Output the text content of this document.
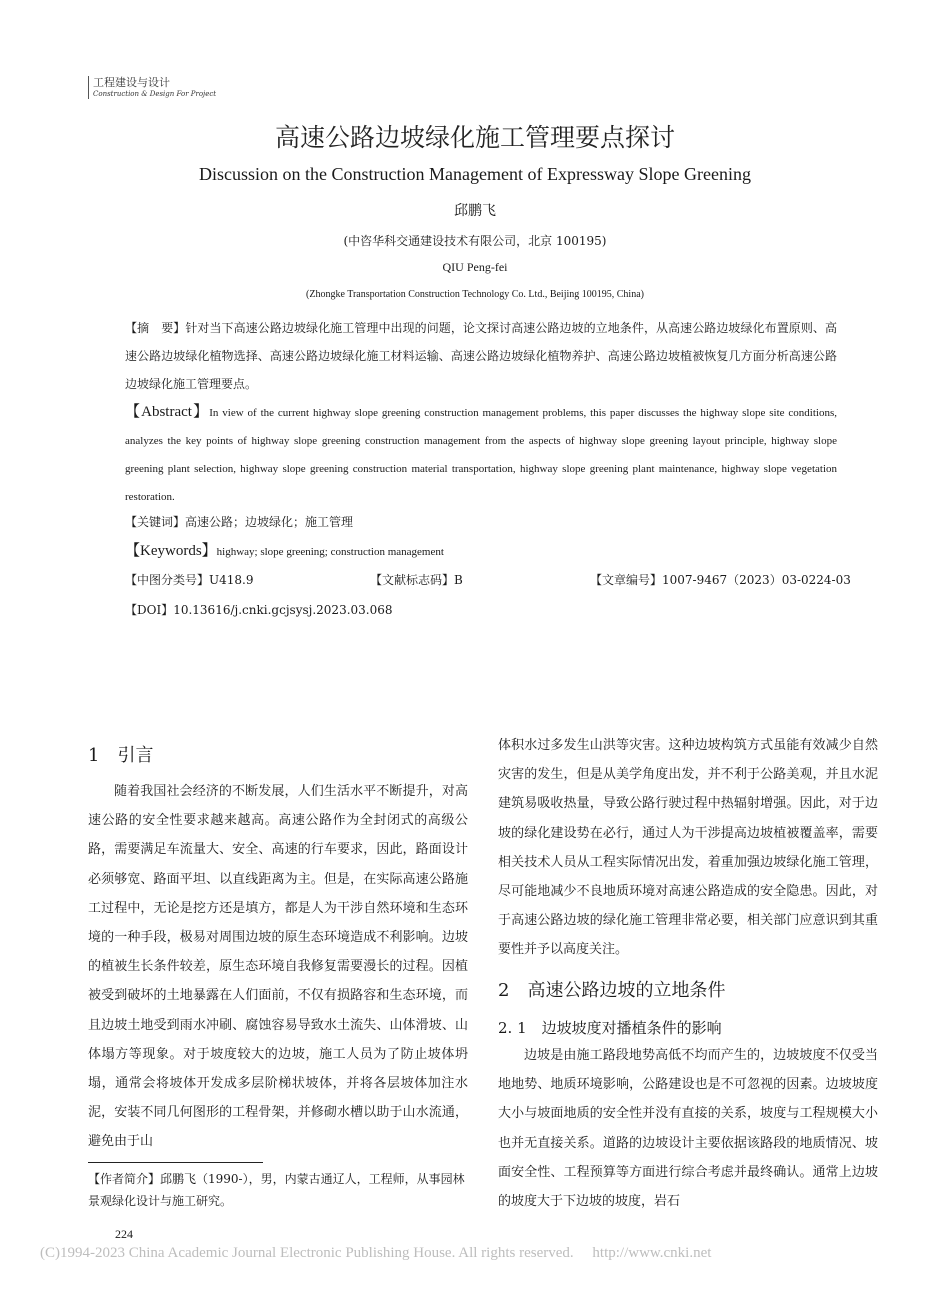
工程建设与设计
Construction & Design For Project
高速公路边坡绿化施工管理要点探讨
Discussion on the Construction Management of Expressway Slope Greening
邱鹏飞
(中咨华科交通建设技术有限公司，北京 100195)
QIU Peng-fei
(Zhongke Transportation Construction Technology Co. Ltd., Beijing 100195, China)
【摘　要】针对当下高速公路边坡绿化施工管理中出现的问题，论文探讨高速公路边坡的立地条件，从高速公路边坡绿化布置原则、高速公路边坡绿化植物选择、高速公路边坡绿化施工材料运输、高速公路边坡绿化植物养护、高速公路边坡植被恢复几方面分析高速公路边坡绿化施工管理要点。
【Abstract】In view of the current highway slope greening construction management problems, this paper discusses the highway slope site conditions, analyzes the key points of highway slope greening construction management from the aspects of highway slope greening layout principle, highway slope greening plant selection, highway slope greening construction material transportation, highway slope greening plant maintenance, highway slope vegetation restoration.
【关键词】高速公路；边坡绿化；施工管理
【Keywords】highway; slope greening; construction management
【中图分类号】U418.9	【文献标志码】B	【文章编号】1007-9467（2023）03-0224-03
【DOI】10.13616/j.cnki.gcjsysj.2023.03.068
1　引言

随着我国社会经济的不断发展，人们生活水平不断提升，对高速公路的安全性要求越来越高。高速公路作为全封闭式的高级公路，需要满足车流量大、安全、高速的行车要求，因此，路面设计必须够宽、路面平坦、以直线距离为主。但是，在实际高速公路施工过程中，无论是挖方还是填方，都是人为干涉自然环境和生态环境的一种手段，极易对周围边坡的原生态环境造成不利影响。边坡的植被生长条件较差，原生态环境自我修复需要漫长的过程。因植被受到破坏的土地暴露在人们面前，不仅有损路容和生态环境，而且边坡土地受到雨水冲刷、腐蚀容易导致水土流失、山体滑坡、山体塌方等现象。对于坡度较大的边坡，施工人员为了防止坡体坍塌，通常会将坡体开发成多层阶梯状坡体，并将各层坡体加注水泥，安装不同几何图形的工程骨架，并修砌水槽以助于山水流通，避免由于山

体积水过多发生山洪等灾害。这种边坡构筑方式虽能有效减少自然灾害的发生，但是从美学角度出发，并不利于公路美观，并且水泥建筑易吸收热量，导致公路行驶过程中热辐射增强。因此，对于边坡的绿化建设势在必行，通过人为干涉提高边坡植被覆盖率，需要相关技术人员从工程实际情况出发，着重加强边坡绿化施工管理，尽可能地减少不良地质环境对高速公路造成的安全隐患。因此，对于高速公路边坡的绿化施工管理非常必要，相关部门应意识到其重要性并予以高度关注。

2　高速公路边坡的立地条件
2. 1　边坡坡度对播植条件的影响

边坡是由施工路段地势高低不均而产生的，边坡坡度不仅受当地地势、地质环境影响，公路建设也是不可忽视的因素。边坡坡度大小与坡面地质的安全性并没有直接的关系，坡度与工程规模大小也并无直接关系。道路的边坡设计主要依据该路段的地质情况、坡面安全性、工程预算等方面进行综合考虑并最终确认。通常上边坡的坡度大于下边坡的坡度，岩石

【作者简介】邱鹏飞（1990-），男，内蒙古通辽人，工程师，从事园林景观绿化设计与施工研究。
224
(C)1994-2023 China Academic Journal Electronic Publishing House. All rights reserved.　 http://www.cnki.net
